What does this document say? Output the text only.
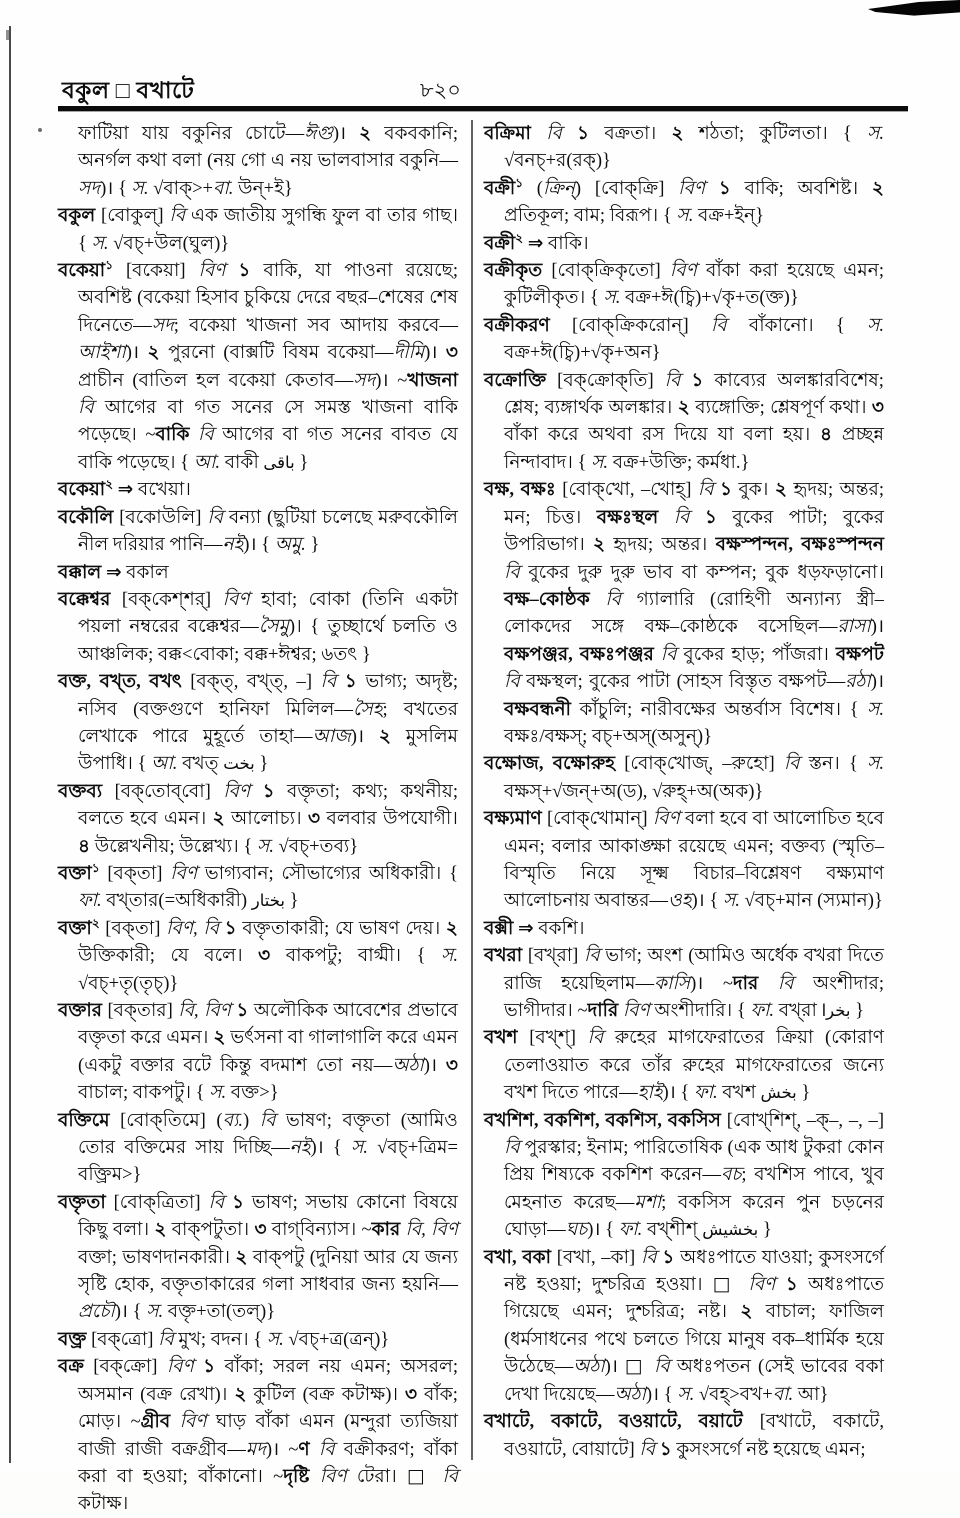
বকুল □ বখাটে	৮২০

ফাটিয়া যায় বকুনির চোটে—ঈগু)। ২ বকবকানি; অনর্গল কথা বলা (নয় গো এ নয় ভালবাসার বকুনি—সদ)। { স. √বাক্>+বা. উন্+ই}

বকুল [বোকুল্] বি এক জাতীয় সুগন্ধি ফুল বা তার গাছ। { স. √বচ্+উল(ঘুল)}

বকেয়া$^১$ [বকেয়া] বিণ ১ বাকি, যা পাওনা রয়েছে; অবশিষ্ট (বকেয়া হিসাব চুকিয়ে দেরে বছর–শেষের শেষ দিনেতে—সদ; বকেয়া খাজনা সব আদায় করবে—আইশা)। ২ পুরনো (বাক্সটি বিষম বকেয়া—দীমি)। ৩ প্রাচীন (বাতিল হল বকেয়া কেতাব—সদ)। ~খাজনা বি আগের বা গত সনের সে সমস্ত খাজনা বাকি পড়েছে। ~বাকি বি আগের বা গত সনের বাবত যে বাকি পড়েছে। { আ. বাকী باقى }

বকেয়া$^২$ ⇒ বখেয়া।

বকৌলি [বকোউলি] বি বন্যা (ছুটিয়া চলেছে মরুবকৌলি নীল দরিয়ার পানি—নই)। { অমু. }

বক্কাল ⇒ বকাল

বক্কেশ্বর [বক্‌কেশ্‌শর্] বিণ হাবা; বোকা (তিনি একটা পয়লা নম্বরের বক্কেশ্বর—সৈমু)। { তুচ্ছার্থে চলতি ও আঞ্চলিক; বক্ক<বোকা; বক্ক+ঈশ্বর; ৬তৎ }

বক্ত, বখ্‌ত, বখৎ [বক্‌ত্, বখ্‌ত্, –] বি ১ ভাগ্য; অদৃষ্ট; নসিব (বক্তগুণে হানিফা মিলিল—সৈহ; বখতের লেখাকে পারে মুহূর্তে তাহা—আজ)। ২ মুসলিম উপাধি। { আ. বখত্ بخت }

বক্তব্য [বক্‌তোব্‌বো] বিণ ১ বক্তৃতা; কথ্য; কথনীয়; বলতে হবে এমন। ২ আলোচ্য। ৩ বলবার উপযোগী। ৪ উল্লেখনীয়; উল্লেখ্য। { স. √বচ্+তব্য}

বক্তা$^১$ [বক্‌তা] বিণ ভাগ্যবান; সৌভাগ্যের অধিকারী। { ফা. বখ্‌তার(=অধিকারী) بختار }

বক্তা$^২$ [বক্‌তা] বিণ, বি ১ বক্তৃতাকারী; যে ভাষণ দেয়। ২ উক্তিকারী; যে বলে। ৩ বাকপটু; বাগ্মী। { স. √বচ্+তৃ(তৃচ্)}

বক্তার [বক্‌তার] বি, বিণ ১ অলৌকিক আবেশের প্রভাবে বক্তৃতা করে এমন। ২ ভর্ৎসনা বা গালাগালি করে এমন (একটু বক্তার বটে কিন্তু বদমাশ তো নয়—অঠা)। ৩ বাচাল; বাকপটু। { স. বক্ত>}

বক্তিমে [বোক্‌তিমে] (ব্য.) বি ভাষণ; বক্তৃতা (আমিও তোর বক্তিমের সায় দিচ্ছি—নই)। { স. √বচ্+ত্রিম= বক্ত্রিম>}

বক্তৃতা [বোক্‌ত্রিতা] বি ১ ভাষণ; সভায় কোনো বিষয়ে কিছু বলা। ২ বাক্‌পটুতা। ৩ বাগ্‌বিন্যাস। ~কার বি, বিণ বক্তা; ভাষণদানকারী। ২ বাক্‌পটু (দুনিয়া আর যে জন্য সৃষ্টি হোক, বক্তৃতাকারের গলা সাধবার জন্য হয়নি—প্রচৌ)। { স. বক্তৃ+তা(তল্)}

বক্ত্র [বক্‌ত্রো] বি মুখ; বদন। { স. √বচ্+ত্র(ত্রন্)}

বক্র [বক্‌ক্রো] বিণ ১ বাঁকা; সরল নয় এমন; অসরল; অসমান (বক্র রেখা)। ২ কুটিল (বক্র কটাক্ষ)। ৩ বাঁক; মোড়। ~গ্রীব বিণ ঘাড় বাঁকা এমন (মন্দুরা ত্যজিয়া বাজী রাজী বক্রগ্রীব—মদ)। ~ণ বি বক্রীকরণ; বাঁকা করা বা হওয়া; বাঁকানো। ~দৃষ্টি বিণ টেরা। □ বি কটাক্ষ।

বক্রিমা বি ১ বক্রতা। ২ শঠতা; কুটিলতা। { স. √বনচ্+র(রক্)}

বক্রী$^১$ (ক্রিন্) [বোক্‌ক্রি] বিণ ১ বাকি; অবশিষ্ট। ২ প্রতিকূল; বাম; বিরূপ। { স. বক্র+ইন্}

বক্রী$^২$ ⇒ বাকি।

বক্রীকৃত [বোক্‌ক্রিকৃতো] বিণ বাঁকা করা হয়েছে এমন; কুটিলীকৃত। { স. বক্র+ঈ(চ্বি)+√কৃ+ত(ক্ত)}

বক্রীকরণ [বোক্‌ক্রিকরোন্] বি বাঁকানো। { স. বক্র+ঈ(চ্বি)+√কৃ+অন}

বক্রোক্তি [বক্‌ক্রোক্‌তি] বি ১ কাব্যের অলঙ্কারবিশেষ; শ্লেষ; ব্যঙ্গার্থক অলঙ্কার। ২ ব্যঙ্গোক্তি; শ্লেষপূর্ণ কথা। ৩ বাঁকা করে অথবা রস দিয়ে যা বলা হয়। ৪ প্রচ্ছন্ন নিন্দাবাদ। { স. বক্র+উক্তি; কর্মধা.}

বক্ষ, বক্ষঃ [বোক্‌খো, –খোহ্] বি ১ বুক। ২ হৃদয়; অন্তর; মন; চিত্ত। বক্ষঃস্থল বি ১ বুকের পাটা; বুকের উপরিভাগ। ২ হৃদয়; অন্তর। বক্ষস্পন্দন, বক্ষঃস্পন্দন বি বুকের দুরু দুরু ভাব বা কম্পন; বুক ধড়ফড়ানো। বক্ষ–কোষ্ঠক বি গ্যালারি (রোহিণী অন্যান্য স্ত্রী–লোকদের সঙ্গে বক্ষ–কোষ্ঠকে বসেছিল—রাসা)। বক্ষপঞ্জর, বক্ষঃপঞ্জর বি বুকের হাড়; পাঁজরা। বক্ষপট বি বক্ষস্থল; বুকের পাটা (সাহস বিস্তৃত বক্ষপট—রঠা)। বক্ষবন্ধনী কাঁচুলি; নারীবক্ষের অন্তর্বাস বিশেষ। { স. বক্ষঃ/বক্ষস্; বচ্+অস্(অসুন্)}

বক্ষোজ, বক্ষোরুহ [বোক্‌খোজ্, –রুহো] বি স্তন। { স. বক্ষস্+√জন্+অ(ড), √রুহ্+অ(অক)}

বক্ষ্যমাণ [বোক্‌খোমান্] বিণ বলা হবে বা আলোচিত হবে এমন; বলার আকাঙ্ক্ষা রয়েছে এমন; বক্তব্য (স্মৃতি–বিস্মৃতি নিয়ে সূক্ষ্ম বিচার–বিশ্লেষণ বক্ষ্যমাণ আলোচনায় অবান্তর—ওহ)। { স. √বচ্+মান (স্যমান)}

বক্সী ⇒ বকশি।

বখরা [বখ্‌রা] বি ভাগ; অংশ (আমিও অর্ধেক বখরা দিতে রাজি হয়েছিলাম—কাসি)। ~দার বি অংশীদার; ভাগীদার। ~দারি বিণ অংশীদারি। { ফা. বখ্‌রা بخرا }

বখশ [বখ্‌শ্] বি রুহের মাগফেরাতের ক্রিয়া (কোরাণ তেলাওয়াত করে তাঁর রুহের মাগফেরাতের জন্যে বখশ দিতে পারে—হাই)। { ফা. বখশ بخش }

বখশিশ, বকশিশ, বকশিস, বকসিস [বোখ্‌শিশ্, –ক্–, –, –] বি পুরস্কার; ইনাম; পারিতোষিক (এক আধ টুকরা কোন প্রিয় শিষ্যকে বকশিশ করেন—বচ; বখশিস পাবে, খুব মেহনাত করেছ—মশা; বকসিস করেন পুন চড়নের ঘোড়া—ঘচ)। { ফা. বখ্‌শীশ্ بخشيش }

বখা, বকা [বখা, –কা] বি ১ অধঃপাতে যাওয়া; কুসংসর্গে নষ্ট হওয়া; দুশ্চরিত্র হওয়া। □ বিণ ১ অধঃপাতে গিয়েছে এমন; দুশ্চরিত্র; নষ্ট। ২ বাচাল; ফাজিল (ধর্মসাধনের পথে চলতে গিয়ে মানুষ বক–ধার্মিক হয়ে উঠেছে—অঠা)। □ বি অধঃপতন (সেই ভাবের বকা দেখা দিয়েছে—অঠা)। { স. √বহ্>বখ+বা. আ}

বখাটে, বকাটে, বওয়াটে, বয়াটে [বখাটে, বকাটে, বওয়াটে, বোয়াটে] বি ১ কুসংসর্গে নষ্ট হয়েছে এমন;
